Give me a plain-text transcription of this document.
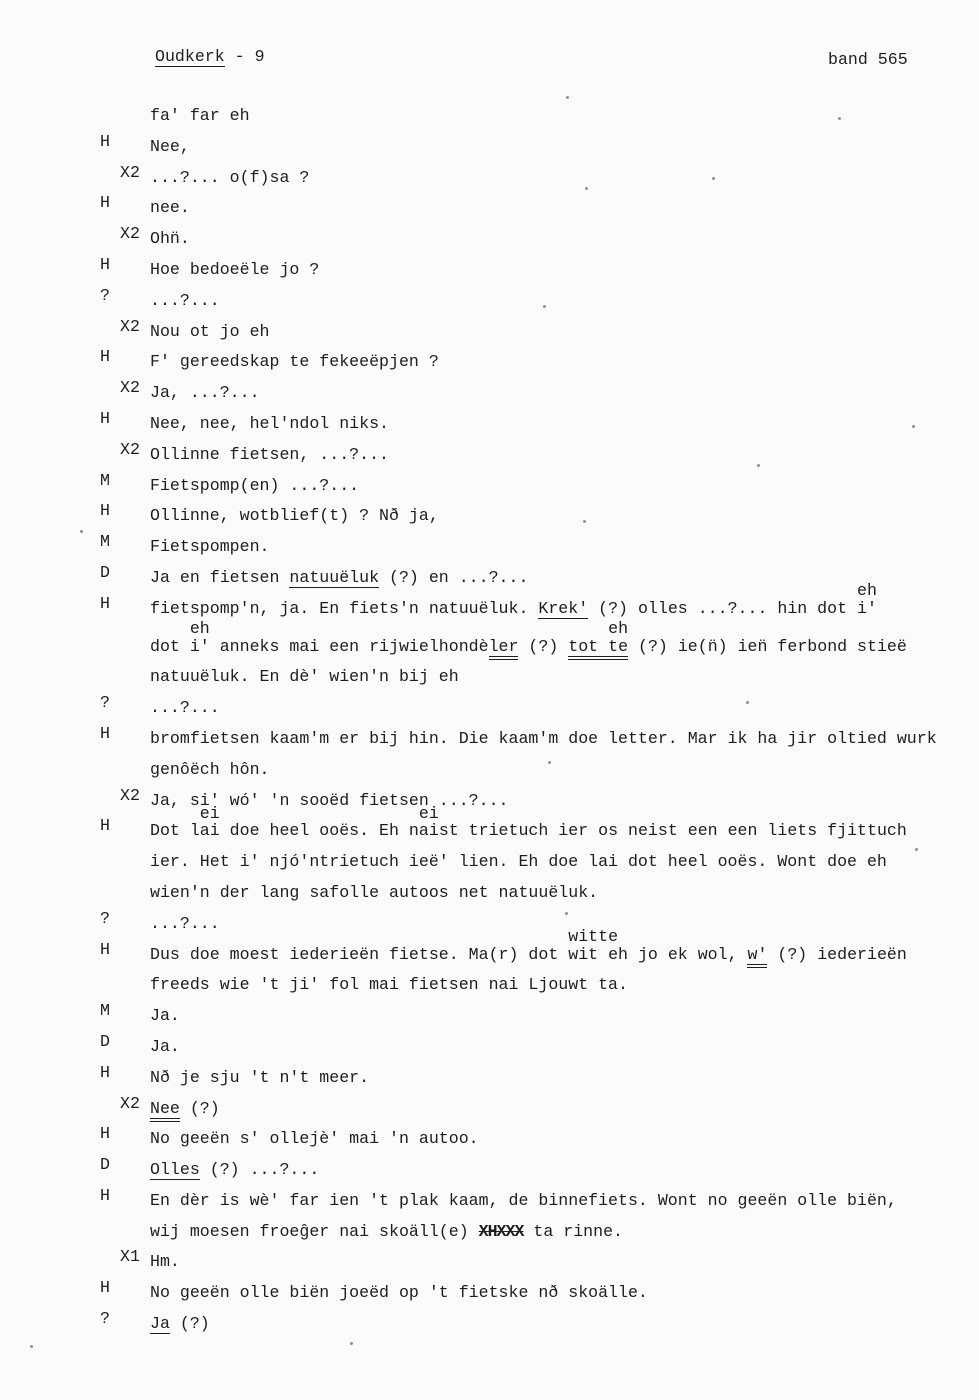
Oudkerk - 9	band 565
fa' far eh
H	Nee,
X2 ...?... o(f)sa ?
H	nee.
X2 Ohn̈.
H	Hoe bedoeële jo ?
?	...?...
X2 Nou ot jo eh
H	F' gereedskap te fekeeëpjen ?
X2 Ja, ...?...
H	Nee, nee, hel'ndol niks.
X2 Ollinne fietsen, ...?...
M	Fietspomp(en) ...?...
H	Ollinne, wotblief(t) ? Nð ja,
M	Fietspompen.
D	Ja en fietsen natuuëluk (?) en ...?...
H	fietspomp'n, ja. En fiets'n natuuëluk. Krek' (?) olles ...?... hin dot
eh
i'
dot
eh
i' anneks mai een rijwielhondèler (?) tot
eh
te (?) ie(n̈) ien̈ ferbond stieë
natuuëluk. En dè' wien'n bij eh
?	...?...
H	bromfietsen kaam'm er bij hin. Die kaam'm doe letter. Mar ik ha jir oltied wurk
genôëch hôn.
X2 Ja, si' wó' 'n sooëd fietsen ...?...
H	Dot l
ei
ai doe heel ooës. Eh n
ei
aist trietuch ier os neist een een liets fjittuch
ier. Het i' njó'ntrietuch ieë' lien. Eh doe lai dot heel ooës. Wont doe eh
wien'n der lang safolle autoos net natuuëluk.
?	...?...
H	Dus doe moest iederieën fietse. Ma(r) dot
witte
wit eh jo ek wol, w' (?) iederieën
freeds wie 't ji' fol mai fietsen nai Ljouwt ta.
M	Ja.
D	Ja.
H	Nð je sju 't n't meer.
X2 Nee (?)
H	No geeën s' ollejè' mai 'n autoo.
D	Olles (?) ...?...
H	En dèr is wè' far ien 't plak kaam, de binnefiets. Wont no geeën olle biën,
wij moesen froeĝer nai skoäll(e) XHXXX ta rinne.
X1 Hm.
H	No geeën olle biën joeëd op 't fietske nð skoälle.
?	Ja (?)
